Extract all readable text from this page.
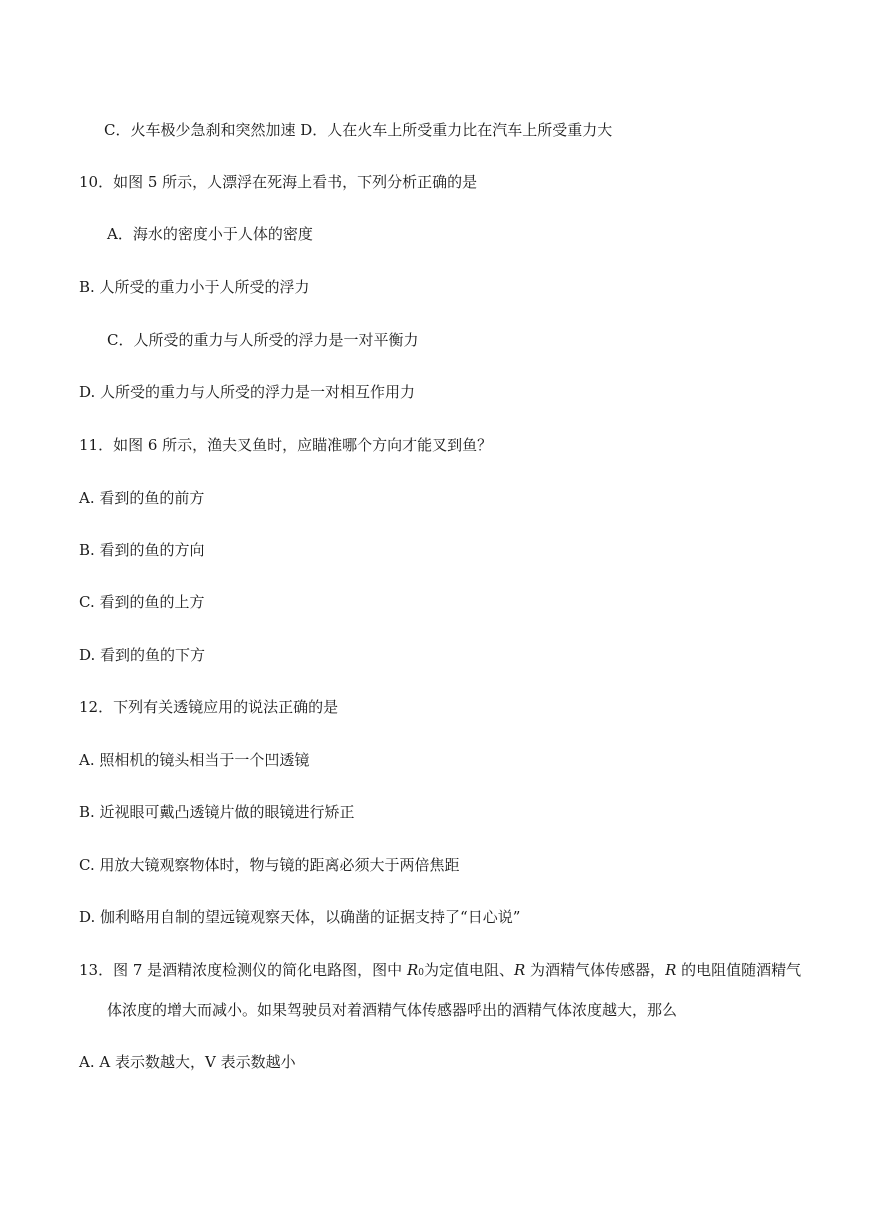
C．火车极少急刹和突然加速 D．人在火车上所受重力比在汽车上所受重力大
10．如图 5 所示，人漂浮在死海上看书，下列分析正确的是
A．海水的密度小于人体的密度
B. 人所受的重力小于人所受的浮力
C．人所受的重力与人所受的浮力是一对平衡力
D. 人所受的重力与人所受的浮力是一对相互作用力
11．如图 6 所示，渔夫叉鱼时，应瞄准哪个方向才能叉到鱼？
A. 看到的鱼的前方
B. 看到的鱼的方向
C. 看到的鱼的上方
D. 看到的鱼的下方
12．下列有关透镜应用的说法正确的是
A. 照相机的镜头相当于一个凹透镜
B. 近视眼可戴凸透镜片做的眼镜进行矫正
C. 用放大镜观察物体时，物与镜的距离必须大于两倍焦距
D. 伽利略用自制的望远镜观察天体，以确凿的证据支持了“日心说”
13．图 7 是酒精浓度检测仪的简化电路图，图中 R0为定值电阻、R 为酒精气体传感器，R 的电阻值随酒精气
体浓度的增大而减小。如果驾驶员对着酒精气体传感器呼出的酒精气体浓度越大，那么
A. A 表示数越大，V 表示数越小
